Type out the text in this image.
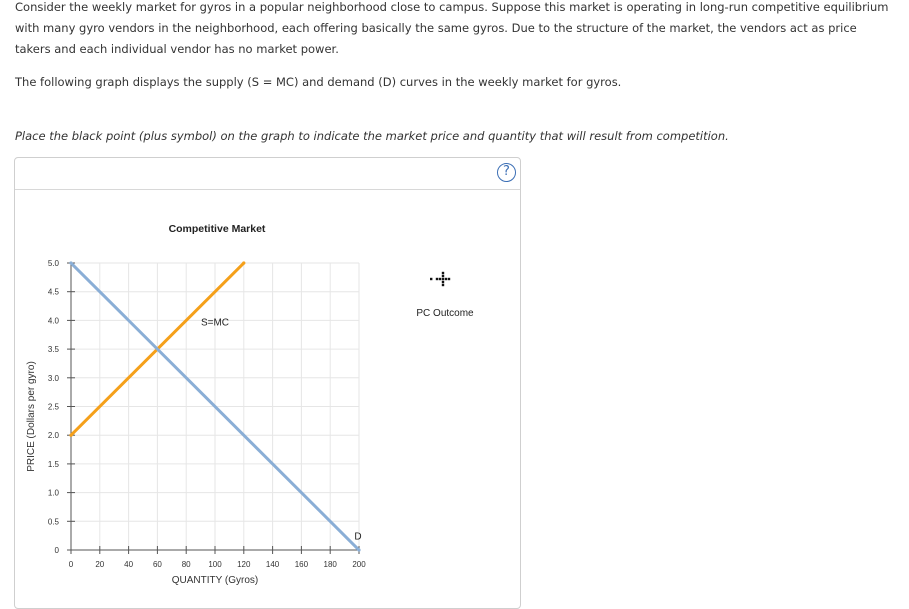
Consider the weekly market for gyros in a popular neighborhood close to campus. Suppose this market is operating in long-run competitive equilibrium with many gyro vendors in the neighborhood, each offering basically the same gyros. Due to the structure of the market, the vendors act as price takers and each individual vendor has no market power.
The following graph displays the supply (S = MC) and demand (D) curves in the weekly market for gyros.
Place the black point (plus symbol) on the graph to indicate the market price and quantity that will result from competition.
?
0	20 40 60 80 100 120 140 160 180 200
0
0.5
1.0
1.5
2.0
2.5
3.0
3.5
4.0
4.5
5.0
Competitive Market
QUANTITY (Gyros)
PRICE (Dollars per gyro)
S=MC
D
PC Outcome
